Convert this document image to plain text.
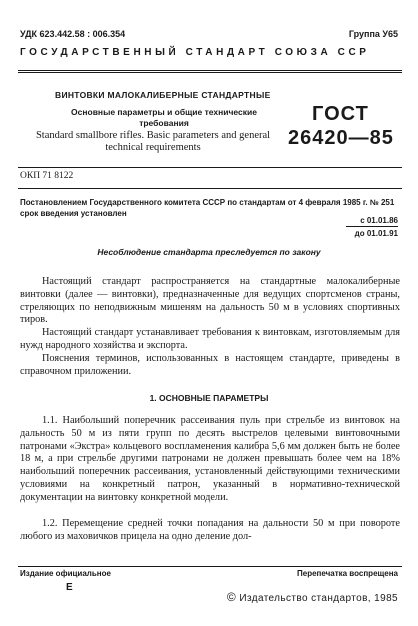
УДК 623.442.58 : 006.354	Группа У65
ГОСУДАРСТВЕННЫЙ СТАНДАРТ СОЮЗА ССР
ВИНТОВКИ МАЛОКАЛИБЕРНЫЕ СТАНДАРТНЫЕ
Основные параметры и общие технические
требования
Standard smallbore rifles. Basic parameters and general
technical requirements
ГОСТ
26420—85
ОКП 71 8122
Постановлением Государственного комитета СССР по стандартам от 4 февраля 1985 г. № 251 срок введения установлен
с 01.01.86
до 01.01.91
Несоблюдение стандарта преследуется по закону

Настоящий стандарт распространяется на стандартные малокалиберные винтовки (далее — винтовки), предназначенные для ведущих спортсменов страны, стреляющих по неподвижным мишеням на дальность 50 м в условиях спортивных тиров.

Настоящий стандарт устанавливает требования к винтовкам, изготовляемым для нужд народного хозяйства и экспорта.

Пояснения терминов, использованных в настоящем стандарте, приведены в справочном приложении.

1. ОСНОВНЫЕ ПАРАМЕТРЫ

1.1. Наибольший поперечник рассеивания пуль при стрельбе из винтовок на дальность 50 м из пяти групп по десять выстрелов целевыми винтовочными патронами «Экстра» кольцевого воспламенения калибра 5,6 мм должен быть не более 18 м, а при стрельбе другими патронами не должен превышать более чем на 18% наибольший поперечник рассеивания, установленный действующими техническими условиями на конкретный патрон, указанный в нормативно-технической документации на винтовку конкретной модели.

1.2. Перемещение средней точки попадания на дальности 50 м при повороте любого из маховичков прицела на одно деление дол-

Издание официальное	Перепечатка воспрещена
Е
© Издательство стандартов, 1985
